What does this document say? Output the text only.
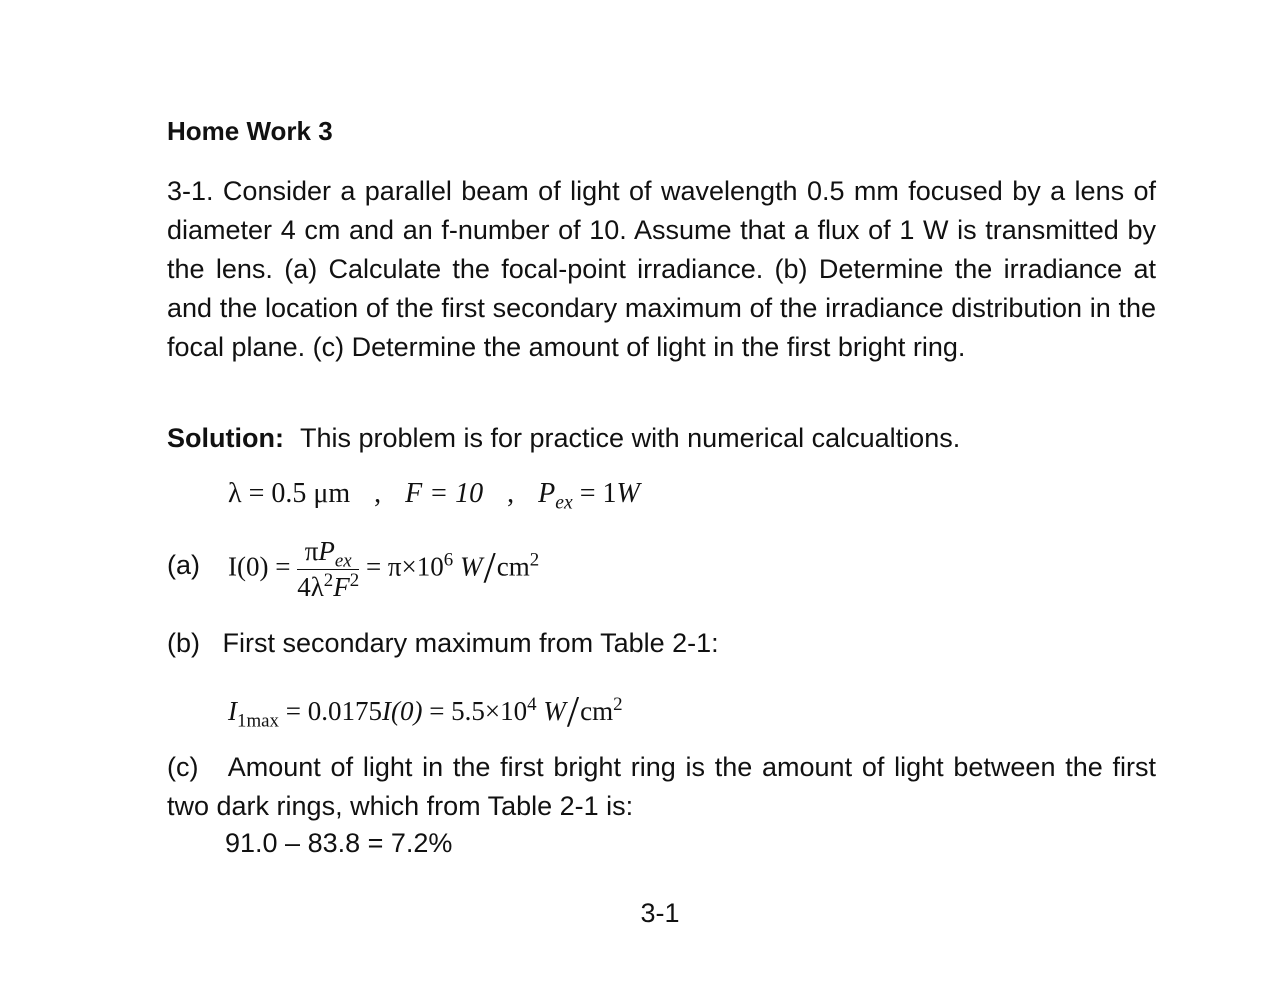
Home Work 3
3-1. Consider a parallel beam of light of wavelength 0.5 mm focused by a lens of diameter 4 cm and an f-number of 10. Assume that a flux of 1 W is transmitted by the lens. (a) Calculate the focal-point irradiance. (b) Determine the irradiance at and the location of the first secondary maximum of the irradiance distribution in the focal plane. (c) Determine the amount of light in the first bright ring.
Solution: This problem is for practice with numerical calcualtions.
λ = 0.5 μm , F = 10 , $P_{ex} = 1W$
(a) $I(0) = \frac{\pi P_{ex}}{4\lambda^2F^2} = \pi\times 10^6$ $W/cm^2$
(b) First secondary maximum from Table 2-1:
$I_{1max} = 0.0175I(0) = 5.5\times 10^4$ $W/cm^2$
(c) Amount of light in the first bright ring is the amount of light between the first two dark rings, which from Table 2-1 is:
91.0 – 83.8 = 7.2%
3-1
